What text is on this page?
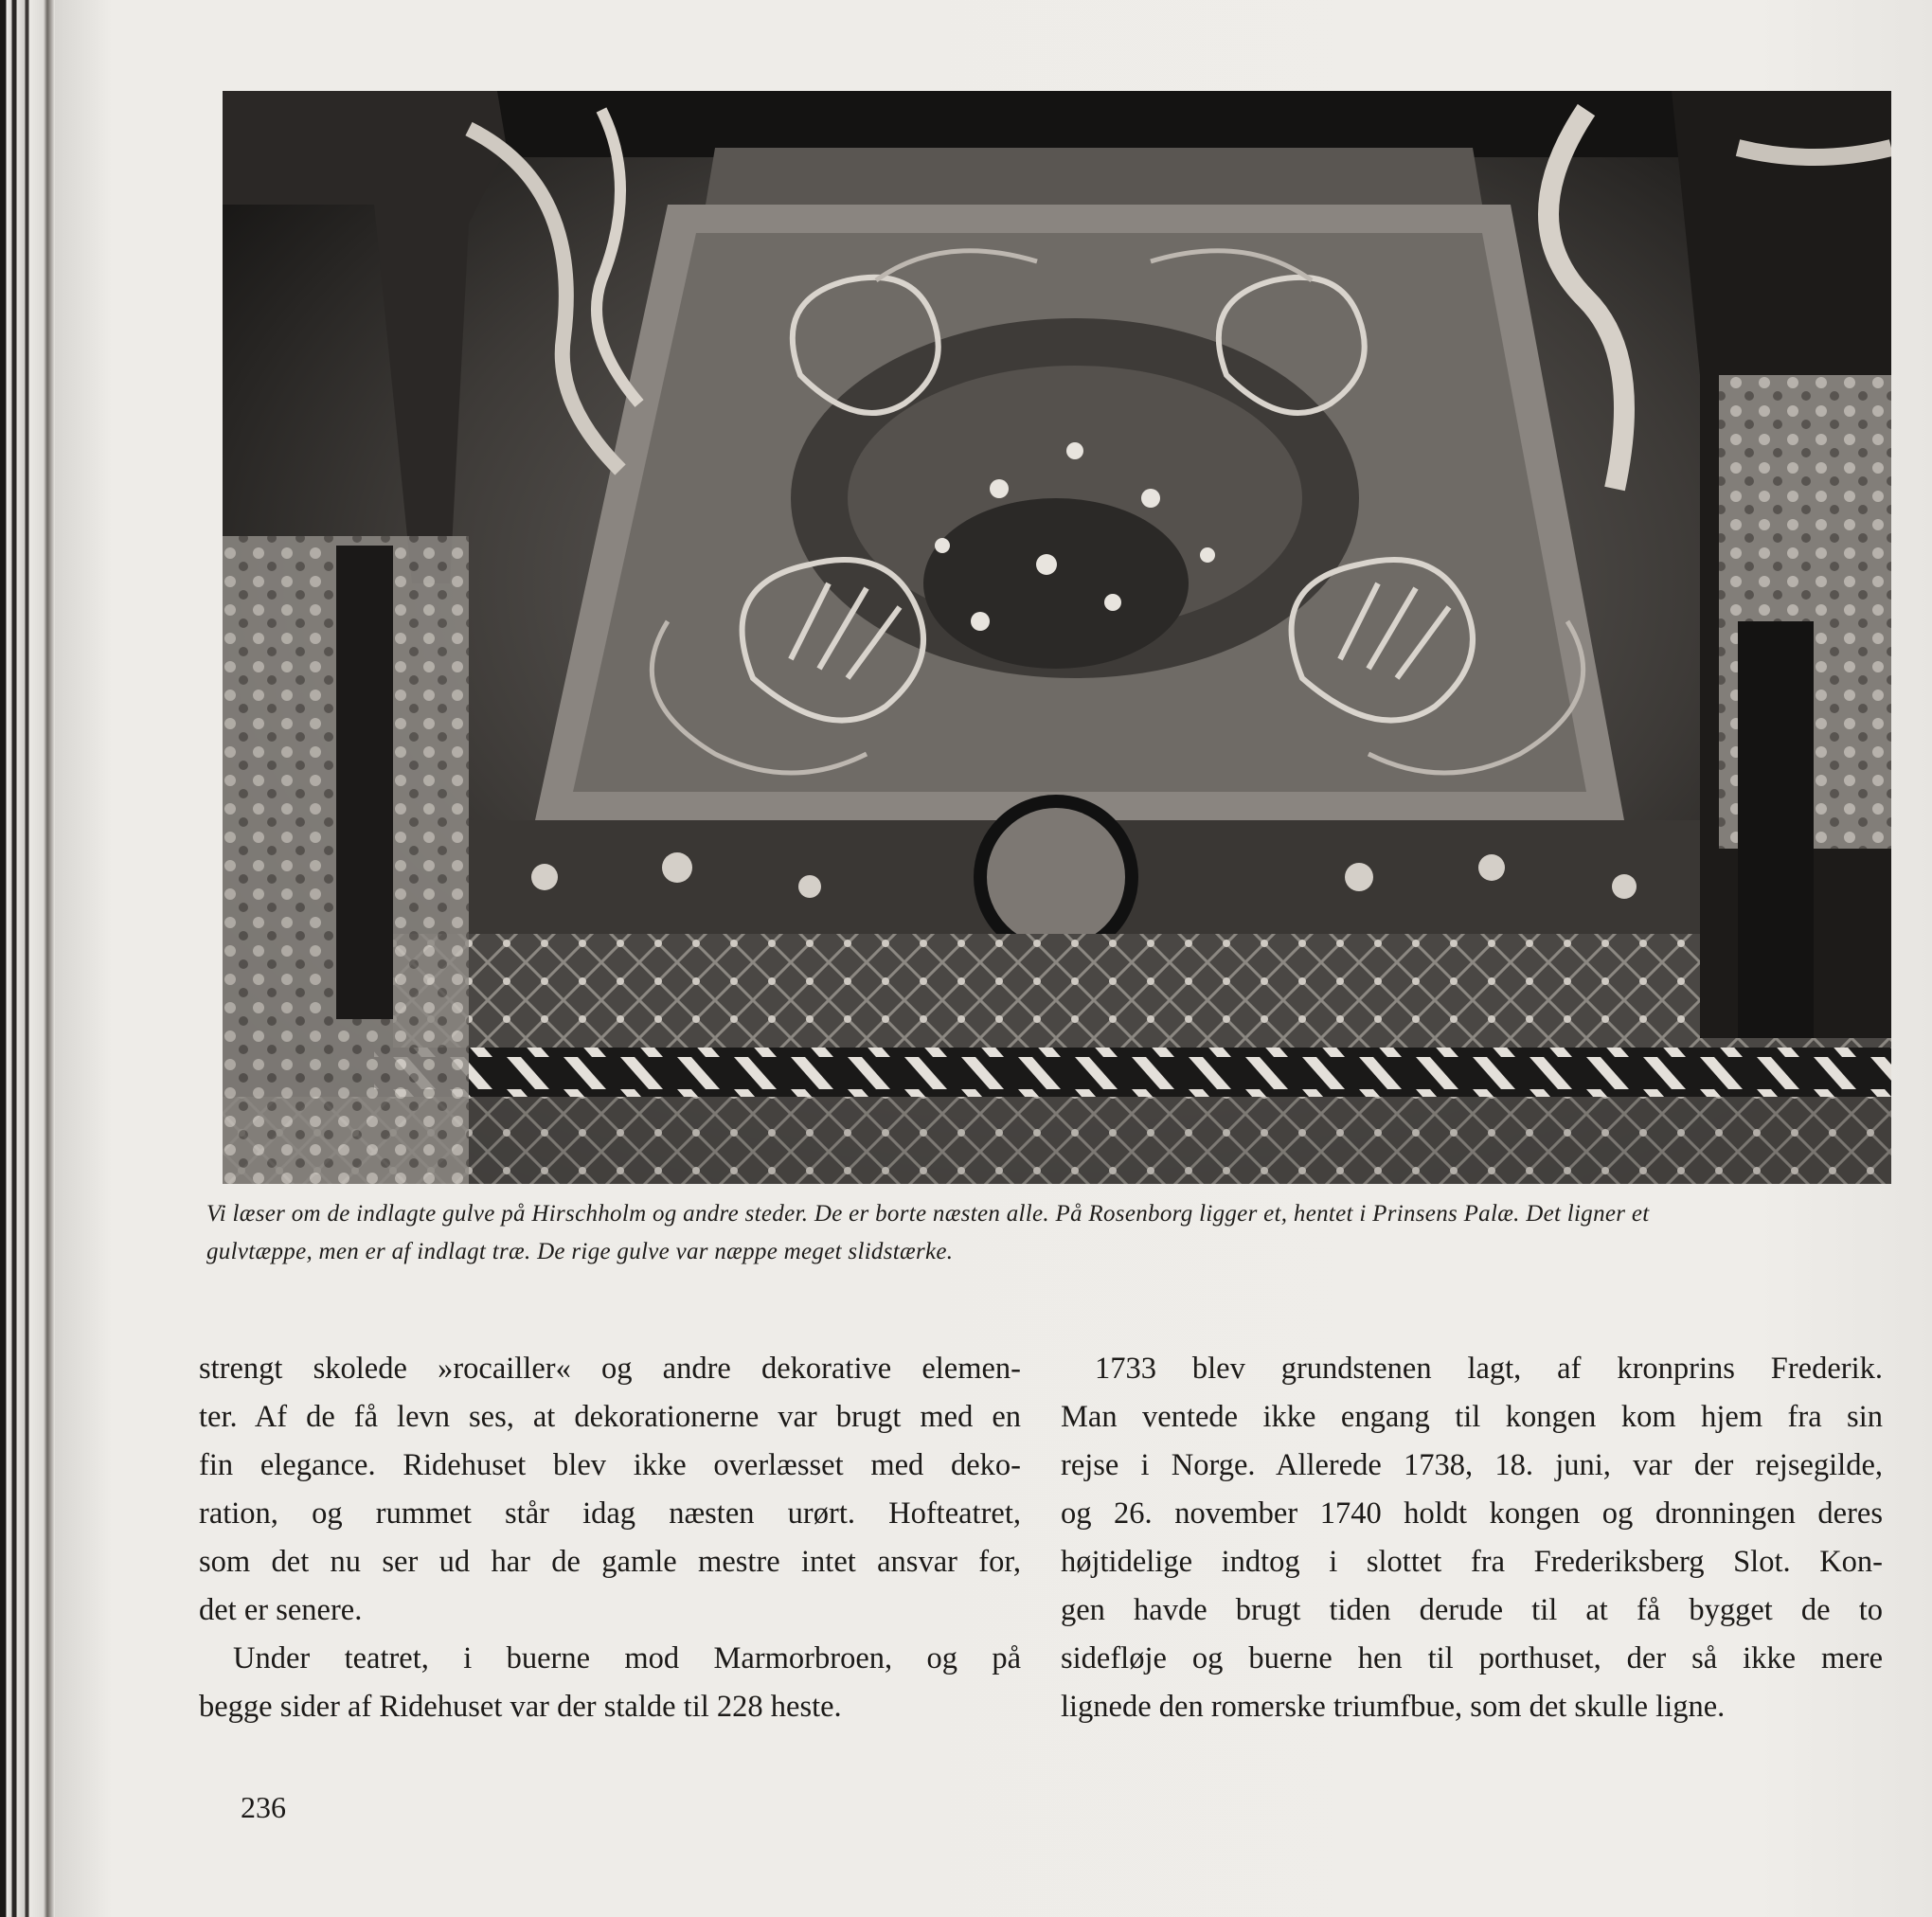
Vi læser om de indlagte gulve på Hirschholm og andre steder. De er borte næsten alle. På Rosenborg ligger et, hentet i Prinsens Palæ. Det ligner et

gulvtæppe, men er af indlagt træ. De rige gulve var næppe meget slidstærke.

strengt skolede »rocailler« og andre dekorative elemen-
ter. Af de få levn ses, at dekorationerne var brugt med en
fin elegance. Ridehuset blev ikke overlæsset med deko-
ration, og rummet står idag næsten urørt. Hofteatret,
som det nu ser ud har de gamle mestre intet ansvar for,
det er senere.

Under teatret, i buerne mod Marmorbroen, og på
begge sider af Ridehuset var der stalde til 228 heste.

1733 blev grundstenen lagt, af kronprins Frederik.
Man ventede ikke engang til kongen kom hjem fra sin
rejse i Norge. Allerede 1738, 18. juni, var der rejsegilde,
og 26. november 1740 holdt kongen og dronningen deres
højtidelige indtog i slottet fra Frederiksberg Slot. Kon-
gen havde brugt tiden derude til at få bygget de to
sidefløje og buerne hen til porthuset, der så ikke mere
lignede den romerske triumfbue, som det skulle ligne.

236
